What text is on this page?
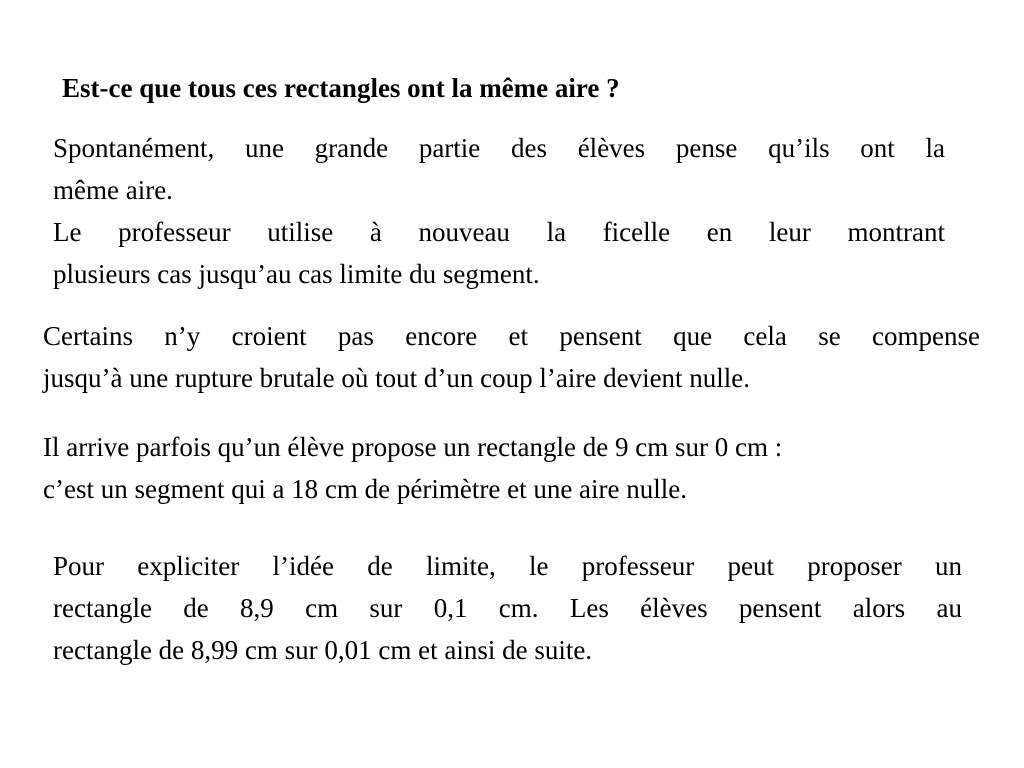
Est-ce que tous ces rectangles ont la même aire ?
Spontanément, une grande partie des élèves pense qu’ils ont la
même aire.
Le professeur utilise à nouveau la ficelle en leur montrant
plusieurs cas jusqu’au cas limite du segment.
Certains n’y croient pas encore et pensent que cela se compense
jusqu’à une rupture brutale où tout d’un coup l’aire devient nulle.
Il arrive parfois qu’un élève propose un rectangle de 9 cm sur 0 cm :
c’est un segment qui a 18 cm de périmètre et une aire nulle.
Pour expliciter l’idée de limite, le professeur peut proposer un
rectangle de 8,9 cm sur 0,1 cm. Les élèves pensent alors au
rectangle de 8,99 cm sur 0,01 cm et ainsi de suite.
